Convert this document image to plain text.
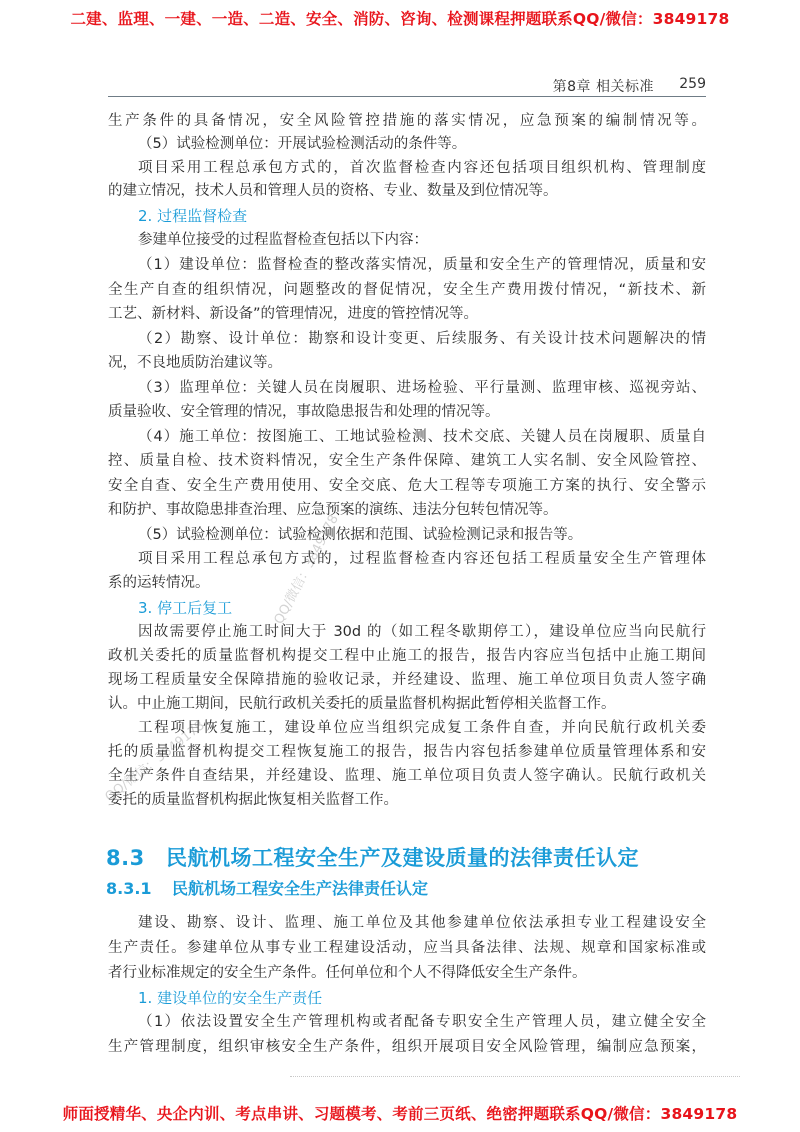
二建、监理、一建、一造、二造、安全、消防、咨询、检测课程押题联系QQ/微信：3849178
第8章 相关标准 259
生产条件的具备情况，安全风险管控措施的落实情况，应急预案的编制情况等。
（5）试验检测单位：开展试验检测活动的条件等。
项目采用工程总承包方式的，首次监督检查内容还包括项目组织机构、管理制度
的建立情况，技术人员和管理人员的资格、专业、数量及到位情况等。
2. 过程监督检查
参建单位接受的过程监督检查包括以下内容：
（1）建设单位：监督检查的整改落实情况，质量和安全生产的管理情况，质量和安
全生产自查的组织情况，问题整改的督促情况，安全生产费用拨付情况，“新技术、新
工艺、新材料、新设备”的管理情况，进度的管控情况等。
（2）勘察、设计单位：勘察和设计变更、后续服务、有关设计技术问题解决的情
况，不良地质防治建议等。
（3）监理单位：关键人员在岗履职、进场检验、平行量测、监理审核、巡视旁站、
质量验收、安全管理的情况，事故隐患报告和处理的情况等。
（4）施工单位：按图施工、工地试验检测、技术交底、关键人员在岗履职、质量自
控、质量自检、技术资料情况，安全生产条件保障、建筑工人实名制、安全风险管控、
安全自查、安全生产费用使用、安全交底、危大工程等专项施工方案的执行、安全警示
和防护、事故隐患排查治理、应急预案的演练、违法分包转包情况等。
（5）试验检测单位：试验检测依据和范围、试验检测记录和报告等。
项目采用工程总承包方式的，过程监督检查内容还包括工程质量安全生产管理体
系的运转情况。
3. 停工后复工
因故需要停止施工时间大于 30d 的（如工程冬歇期停工），建设单位应当向民航行
政机关委托的质量监督机构提交工程中止施工的报告，报告内容应当包括中止施工期间
现场工程质量安全保障措施的验收记录，并经建设、监理、施工单位项目负责人签字确
认。中止施工期间，民航行政机关委托的质量监督机构据此暂停相关监督工作。
工程项目恢复施工，建设单位应当组织完成复工条件自查，并向民航行政机关委
托的质量监督机构提交工程恢复施工的报告，报告内容包括参建单位质量管理体系和安
全生产条件自查结果，并经建设、监理、施工单位项目负责人签字确认。民航行政机关
委托的质量监督机构据此恢复相关监督工作。
8.3 民航机场工程安全生产及建设质量的法律责任认定
8.3.1 民航机场工程安全生产法律责任认定
建设、勘察、设计、监理、施工单位及其他参建单位依法承担专业工程建设安全
生产责任。参建单位从事专业工程建设活动，应当具备法律、法规、规章和国家标准或
者行业标准规定的安全生产条件。任何单位和个人不得降低安全生产条件。
1. 建设单位的安全生产责任
（1）依法设置安全生产管理机构或者配备专职安全生产管理人员，建立健全安全
生产管理制度，组织审核安全生产条件，组织开展项目安全风险管理，编制应急预案，
QQ/微信：3849178
QQ/微信：3849178
师面授精华、央企内训、考点串讲、习题模考、考前三页纸、绝密押题联系QQ/微信：3849178
